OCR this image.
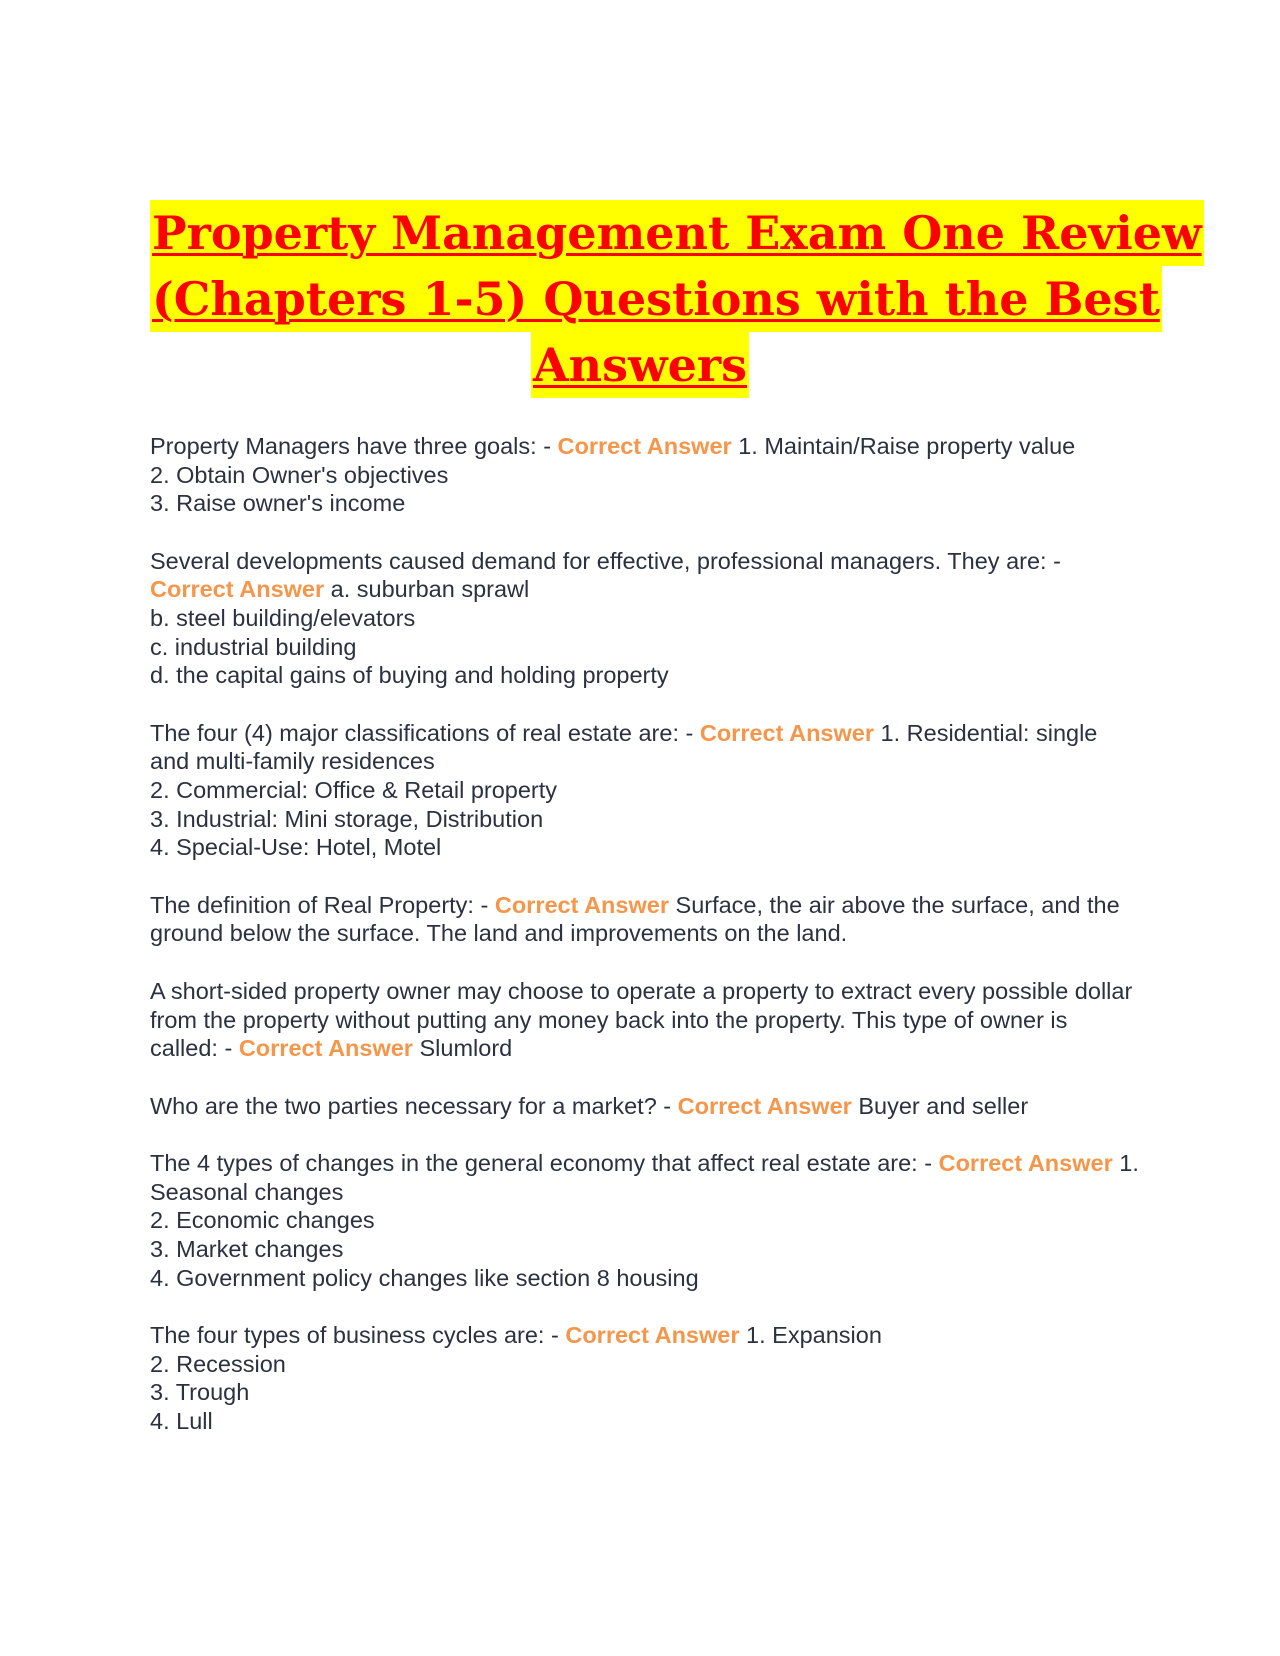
Property Management Exam One Review
(Chapters 1-5) Questions with the Best
Answers
Property Managers have three goals: - Correct Answer 1. Maintain/Raise property value
2. Obtain Owner's objectives
3. Raise owner's income
Several developments caused demand for effective, professional managers. They are: - Correct Answer a. suburban sprawl
b. steel building/elevators
c. industrial building
d. the capital gains of buying and holding property
The four (4) major classifications of real estate are: - Correct Answer 1. Residential: single and multi-family residences
2. Commercial: Office & Retail property
3. Industrial: Mini storage, Distribution
4. Special-Use: Hotel, Motel
The definition of Real Property: - Correct Answer Surface, the air above the surface, and the ground below the surface. The land and improvements on the land.
A short-sided property owner may choose to operate a property to extract every possible dollar from the property without putting any money back into the property. This type of owner is called: - Correct Answer Slumlord
Who are the two parties necessary for a market? - Correct Answer Buyer and seller
The 4 types of changes in the general economy that affect real estate are: - Correct Answer 1. Seasonal changes
2. Economic changes
3. Market changes
4. Government policy changes like section 8 housing
The four types of business cycles are: - Correct Answer 1. Expansion
2. Recession
3. Trough
4. Lull
